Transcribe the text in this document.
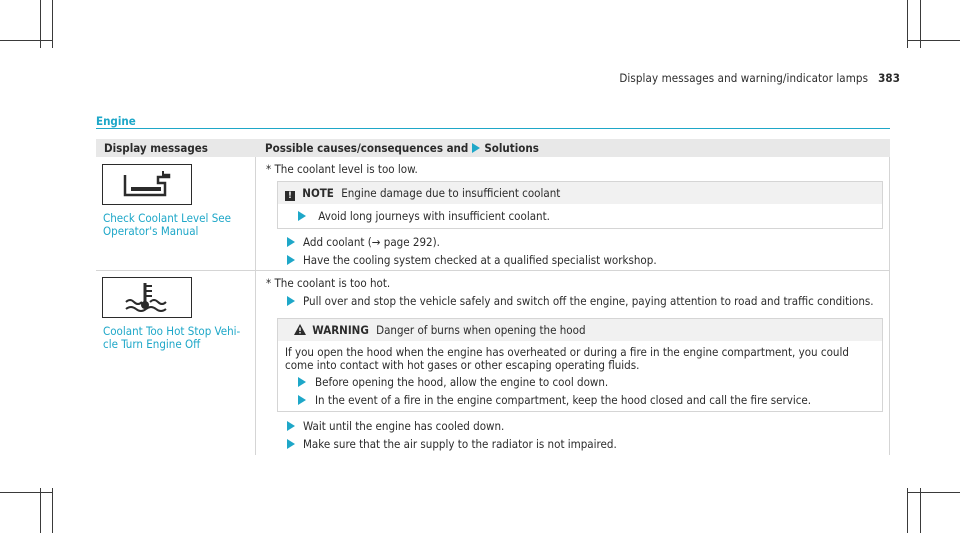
Display messages and warning/indicator lamps 383
Engine
Display messages	Possible causes/consequences and Solutions
Check Coolant Level See
Operator's Manual
* The coolant level is too low.
! NOTE Engine damage due to insufficient coolant
Avoid long journeys with insufficient coolant.
Add coolant (→ page 292).
Have the cooling system checked at a qualified specialist workshop.
Coolant Too Hot Stop Vehi-
cle Turn Engine Off
* The coolant is too hot.
Pull over and stop the vehicle safely and switch off the engine, paying attention to road and traffic conditions.
WARNING Danger of burns when opening the hood
If you open the hood when the engine has overheated or during a fire in the engine compartment, you could
come into contact with hot gases or other escaping operating fluids.
Before opening the hood, allow the engine to cool down.
In the event of a fire in the engine compartment, keep the hood closed and call the fire service.
Wait until the engine has cooled down.
Make sure that the air supply to the radiator is not impaired.
